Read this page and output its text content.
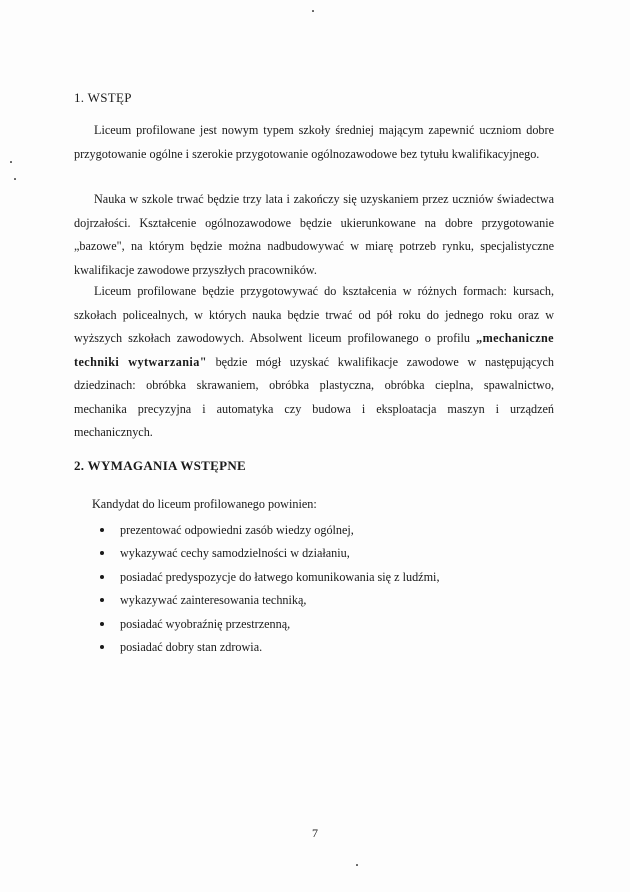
1. WSTĘP

Liceum profilowane jest nowym typem szkoły średniej mającym zapewnić uczniom dobre przygotowanie ogólne i szerokie przygotowanie ogólnozawodowe bez tytułu kwalifikacyjnego.

Nauka w szkole trwać będzie trzy lata i zakończy się uzyskaniem przez uczniów świadectwa dojrzałości. Kształcenie ogólnozawodowe będzie ukierunkowane na dobre przygotowanie „bazowe", na którym będzie można nadbudowywać w miarę potrzeb rynku, specjalistyczne kwalifikacje zawodowe przyszłych pracowników.

Liceum profilowane będzie przygotowywać do kształcenia w różnych formach: kursach, szkołach policealnych, w których nauka będzie trwać od pół roku do jednego roku oraz w wyższych szkołach zawodowych. Absolwent liceum profilowanego o profilu „mechaniczne techniki wytwarzania" będzie mógł uzyskać kwalifikacje zawodowe w następujących dziedzinach: obróbka skrawaniem, obróbka plastyczna, obróbka cieplna, spawalnictwo, mechanika precyzyjna i automatyka czy budowa i eksploatacja maszyn i urządzeń mechanicznych.

2. WYMAGANIA WSTĘPNE
Kandydat do liceum profilowanego powinien:
prezentować odpowiedni zasób wiedzy ogólnej,
wykazywać cechy samodzielności w działaniu,
posiadać predyspozycje do łatwego komunikowania się z ludźmi,
wykazywać zainteresowania techniką,
posiadać wyobraźnię przestrzenną,
posiadać dobry stan zdrowia.
7
